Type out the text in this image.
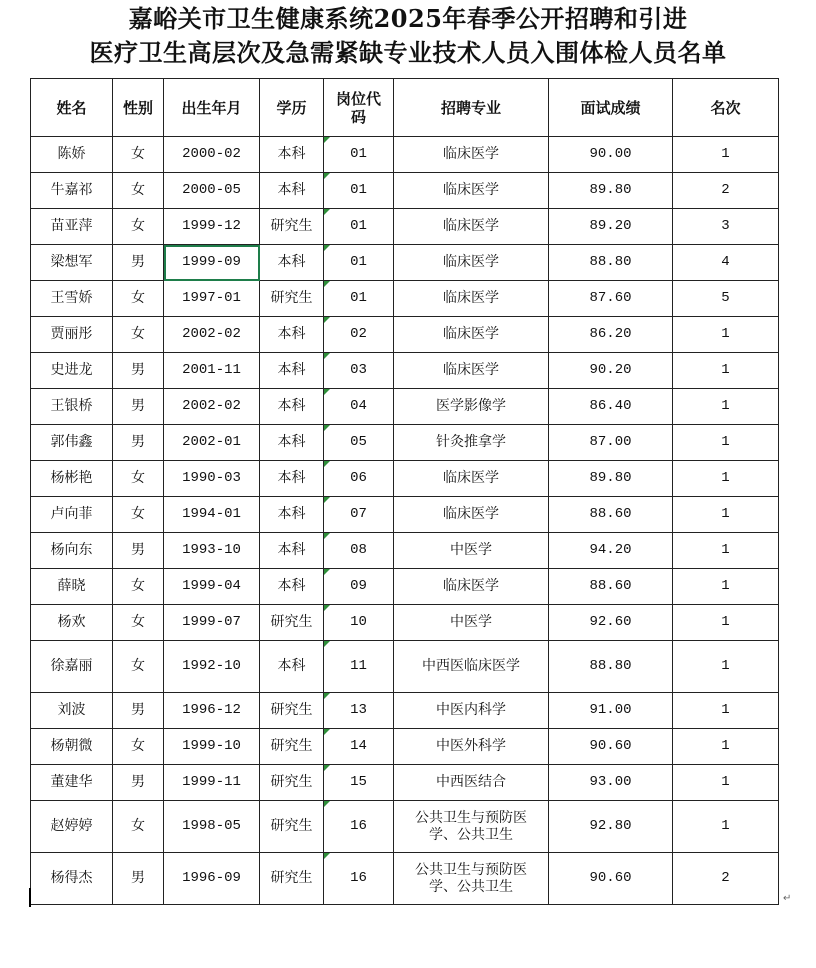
嘉峪关市卫生健康系统2025年春季公开招聘和引进
医疗卫生高层次及急需紧缺专业技术人员入围体检人员名单
姓名	性别	出生年月	学历	岗位代码	招聘专业	面试成绩	名次
陈娇	女	2000-02	本科	01	临床医学	90.00	1
牛嘉祁	女	2000-05	本科	01	临床医学	89.80	2
苗亚萍	女	1999-12	研究生	01	临床医学	89.20	3
梁想军	男	1999-09	本科	01	临床医学	88.80	4
王雪娇	女	1997-01	研究生	01	临床医学	87.60	5
贾丽彤	女	2002-02	本科	02	临床医学	86.20	1
史进龙	男	2001-11	本科	03	临床医学	90.20	1
王银桥	男	2002-02	本科	04	医学影像学	86.40	1
郭伟鑫	男	2002-01	本科	05	针灸推拿学	87.00	1
杨彬艳	女	1990-03	本科	06	临床医学	89.80	1
卢向菲	女	1994-01	本科	07	临床医学	88.60	1
杨向东	男	1993-10	本科	08	中医学	94.20	1
薛晓	女	1999-04	本科	09	临床医学	88.60	1
杨欢	女	1999-07	研究生	10	中医学	92.60	1
徐嘉丽	女	1992-10	本科	11	中西医临床医学	88.80	1
刘波	男	1996-12	研究生	13	中医内科学	91.00	1
杨朝微	女	1999-10	研究生	14	中医外科学	90.60	1
董建华	男	1999-11	研究生	15	中西医结合	93.00	1
赵婷婷	女	1998-05	研究生	16	公共卫生与预防医学、公共卫生	92.80	1
杨得杰	男	1996-09	研究生	16	公共卫生与预防医学、公共卫生	90.60	2
↵
